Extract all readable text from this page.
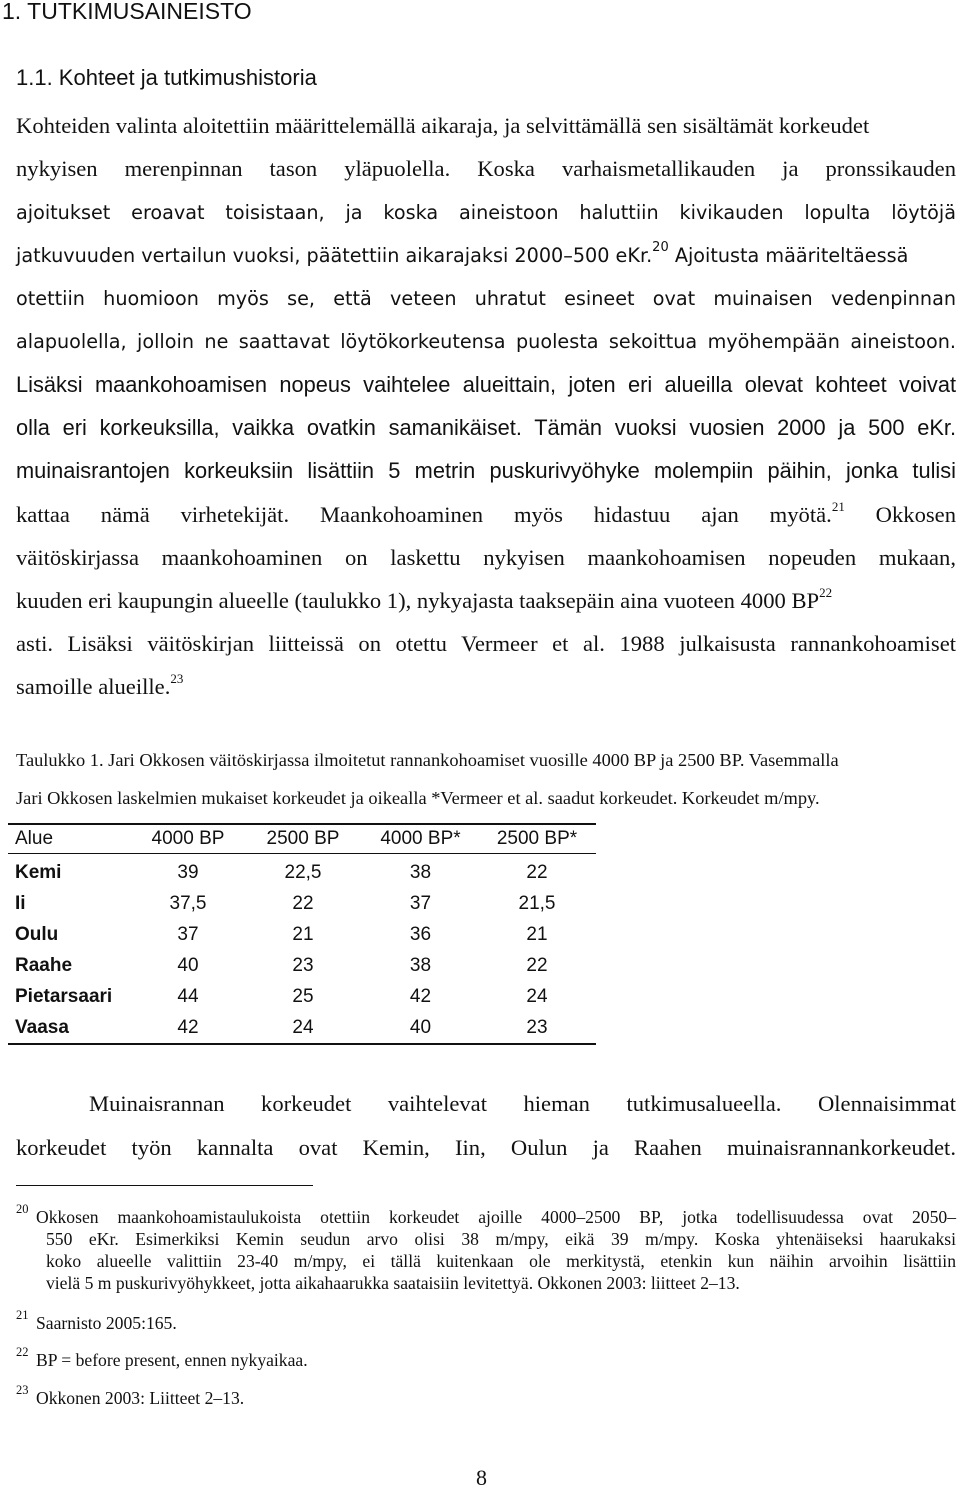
1. TUTKIMUSAINEISTO
1.1. Kohteet ja tutkimushistoria
Kohteiden valinta aloitettiin määrittelemällä aikaraja, ja selvittämällä sen sisältämät korkeudet
nykyisen merenpinnan tason yläpuolella. Koska varhaismetallikauden ja pronssikauden
ajoitukset eroavat toisistaan, ja koska aineistoon haluttiin kivikauden lopulta löytöjä
jatkuvuuden vertailun vuoksi, päätettiin aikarajaksi 2000–500 eKr.$^{20}$ Ajoitusta määriteltäessä
otettiin huomioon myös se, että veteen uhratut esineet ovat muinaisen vedenpinnan
alapuolella, jolloin ne saattavat löytökorkeutensa puolesta sekoittua myöhempään aineistoon.
Lisäksi maankohoamisen nopeus vaihtelee alueittain, joten eri alueilla olevat kohteet voivat
olla eri korkeuksilla, vaikka ovatkin samanikäiset. Tämän vuoksi vuosien 2000 ja 500 eKr.
muinaisrantojen korkeuksiin lisättiin 5 metrin puskurivyöhyke molempiin päihin, jonka tulisi
kattaa nämä virhetekijät. Maankohoaminen myös hidastuu ajan myötä.$^{21}$ Okkosen
väitöskirjassa maankohoaminen on laskettu nykyisen maankohoamisen nopeuden mukaan,
kuuden eri kaupungin alueelle (taulukko 1), nykyajasta taaksepäin aina vuoteen 4000 BP$^{22}$
asti. Lisäksi väitöskirjan liitteissä on otettu Vermeer et al. 1988 julkaisusta rannankohoamiset
samoille alueille.$^{23}$
Taulukko 1. Jari Okkosen väitöskirjassa ilmoitetut rannankohoamiset vuosille 4000 BP ja 2500 BP. Vasemmalla
Jari Okkosen laskelmien mukaiset korkeudet ja oikealla *Vermeer et al. saadut korkeudet. Korkeudet m/mpy.
Alue	4000 BP	2500 BP	4000 BP*	2500 BP*
Kemi	39	22,5	38	22
Ii	37,5	22	37	21,5
Oulu	37	21	36	21
Raahe	40	23	38	22
Pietarsaari	44	25	42	24
Vaasa	42	24	40	23
Muinaisrannan korkeudet vaihtelevat hieman tutkimusalueella. Olennaisimmat
korkeudet työn kannalta ovat Kemin, Iin, Oulun ja Raahen muinaisrannankorkeudet.
20 Okkosen maankohoamistaulukoista otettiin korkeudet ajoille 4000–2500 BP, jotka todellisuudessa ovat 2050–
550 eKr. Esimerkiksi Kemin seudun arvo olisi 38 m/mpy, eikä 39 m/mpy. Koska yhtenäiseksi haarukaksi
koko alueelle valittiin 23-40 m/mpy, ei tällä kuitenkaan ole merkitystä, etenkin kun näihin arvoihin lisättiin
vielä 5 m puskurivyöhykkeet, jotta aikahaarukka saataisiin levitettyä. Okkonen 2003: liitteet 2–13.
21 Saarnisto 2005:165.
22 BP = before present, ennen nykyaikaa.
23 Okkonen 2003: Liitteet 2–13.
8
